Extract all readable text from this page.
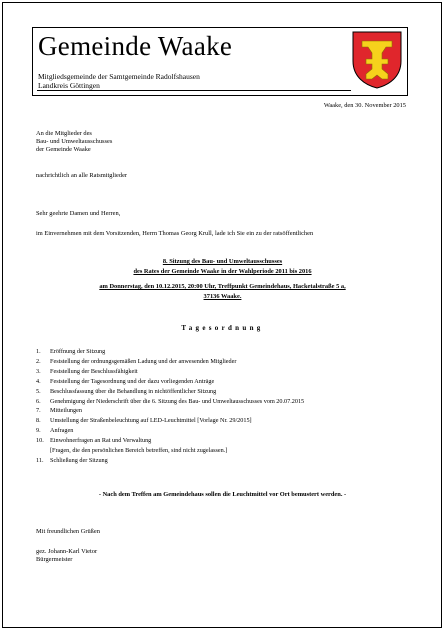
Gemeinde Waake
Mitgliedsgemeinde der Samtgemeinde Radolfshausen
Landkreis Göttingen
Waake, den 30. November 2015
An die Mitglieder des
Bau- und Umweltausschusses
der Gemeinde Waake
nachrichtlich an alle Ratsmitglieder
Sehr geehrte Damen und Herren,
im Einvernehmen mit dem Vorsitzenden, Herrn Thomas Georg Krull, lade ich Sie ein zu der ratsöffentlichen
8. Sitzung des Bau- und Umweltausschusses
des Rates der Gemeinde Waake in der Wahlperiode 2011 bis 2016
am Donnerstag, den 10.12.2015, 20:00 Uhr, Treffpunkt Gemeindehaus, Hacketalstraße 5 a,
37136 Waake.
Tagesordnung
1. Eröffnung der Sitzung
2. Feststellung der ordnungsgemäßen Ladung und der anwesenden Mitglieder
3. Feststellung der Beschlussfähigkeit
4. Feststellung der Tagesordnung und der dazu vorliegenden Anträge
5. Beschlussfassung über die Behandlung in nichtöffentlicher Sitzung
6. Genehmigung der Niederschrift über die 6. Sitzung des Bau- und Umweltausschusses vom 20.07.2015
7. Mitteilungen
8. Umstellung der Straßenbeleuchtung auf LED-Leuchtmittel [Vorlage Nr. 29/2015]
9. Anfragen
10. Einwohnerfragen an Rat und Verwaltung
[Fragen, die den persönlichen Bereich betreffen, sind nicht zugelassen.]
11. Schließung der Sitzung
- Nach dem Treffen am Gemeindehaus sollen die Leuchtmittel vor Ort bemustert werden. -
Mit freundlichen Grüßen
gez. Johann-Karl Vietor
Bürgermeister
